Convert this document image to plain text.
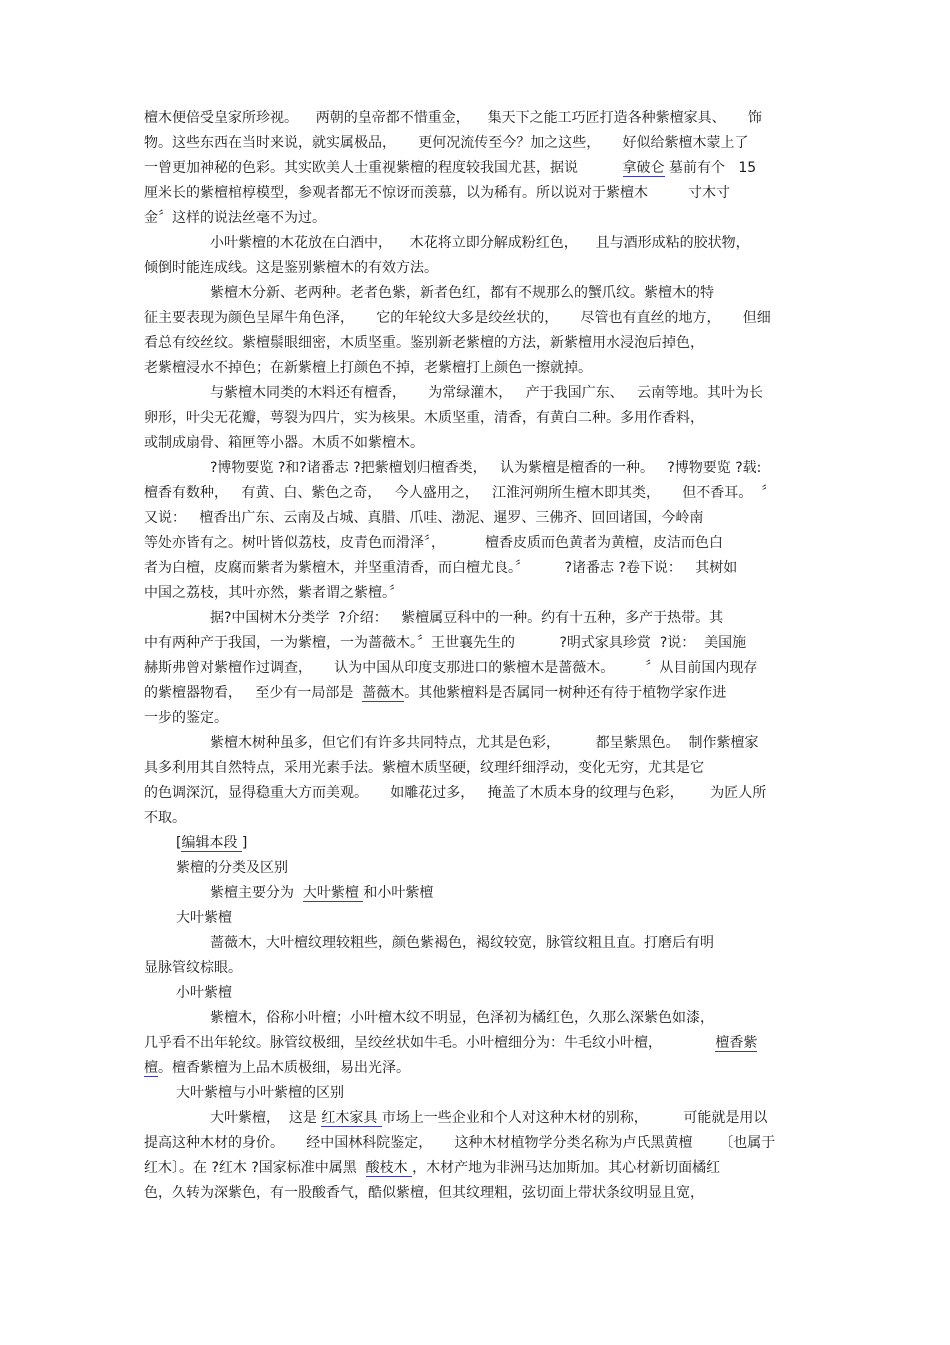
檀木便倍受皇家所珍视。    两朝的皇帝都不惜重金，    集天下之能工巧匠打造各种紫檀家具、     饰
物。这些东西在当时来说，就实属极品，     更何况流传至今？加之这些，     好似给紫檀木蒙上了
一曾更加神秘的色彩。其实欧美人士重视紫檀的程度较我国尤甚，据说          拿破仑 墓前有个   15
厘米长的紫檀棺椁模型，参观者都无不惊讶而羡慕，以为稀有。所以说对于紫檀木         寸木寸
金〞这样的说法丝毫不为过。
小叶紫檀的木花放在白酒中，    木花将立即分解成粉红色，    且与酒形成粘的胶状物，
倾倒时能连成线。这是鉴别紫檀木的有效方法。
紫檀木分新、老两种。老者色紫，新者色红，都有不规那么的蟹爪纹。紫檀木的特
征主要表现为颜色呈犀牛角色泽，     它的年轮纹大多是绞丝状的，     尽管也有直丝的地方，     但细
看总有绞丝纹。紫檀鬃眼细密，木质坚重。鉴别新老紫檀的方法，新紫檀用水浸泡后掉色，
老紫檀浸水不掉色；在新紫檀上打颜色不掉，老紫檀打上颜色一擦就掉。
与紫檀木同类的木料还有檀香，     为常绿灌木，   产于我国广东、   云南等地。其叶为长
卵形，叶尖无花瓣，萼裂为四片，实为核果。木质坚重，清香，有黄白二种。多用作香料，
或制成扇骨、箱匣等小器。木质不如紫檀木。
?博物要览 ?和?诸番志 ?把紫檀划归檀香类，   认为紫檀是檀香的一种。   ?博物要览 ?载:
檀香有数种，   有黄、白、紫色之奇，   今人盛用之，   江淮河朔所生檀木即其类，     但不香耳。  〞
又说：   檀香出广东、云南及占城、真腊、爪哇、渤泥、暹罗、三佛齐、回回诸国，今岭南
等处亦皆有之。树叶皆似荔枝，皮青色而滑泽〞，         檀香皮质而色黄者为黄檀，皮洁而色白
者为白檀，皮腐而紫者为紫檀木，并坚重清香，而白檀尤良。〞        ?诸番志 ?卷下说：   其树如
中国之荔枝，其叶亦然，紫者谓之紫檀。〞
据?中国树木分类学  ?介绍：   紫檀属豆科中的一种。约有十五种，多产于热带。其
中有两种产于我国，一为紫檀，一为蔷薇木。〞王世襄先生的          ?明式家具珍赏  ?说：  美国施
赫斯弗曾对紫檀作过调查，     认为中国从印度支那进口的紫檀木是蔷薇木。       〞从目前国内现存
的紫檀器物看，   至少有一局部是  蔷薇木。其他紫檀料是否属同一树种还有待于植物学家作进
一步的鉴定。
紫檀木树种虽多，但它们有许多共同特点，尤其是色彩，        都呈紫黑色。  制作紫檀家
具多利用其自然特点，采用光素手法。紫檀木质坚硬，纹理纤细浮动，变化无穷，尤其是它
的色调深沉，显得稳重大方而美观。     如雕花过多，   掩盖了木质本身的纹理与色彩，      为匠人所
不取。
[编辑本段 ]
紫檀的分类及区别
紫檀主要分为  大叶紫檀 和小叶紫檀
大叶紫檀
蔷薇木，大叶檀纹理较粗些，颜色紫褐色，褐纹较宽，脉管纹粗且直。打磨后有明
显脉管纹棕眼。
小叶紫檀
紫檀木，俗称小叶檀；小叶檀木纹不明显，色泽初为橘红色，久那么深紫色如漆，
几乎看不出年轮纹。脉管纹极细，呈绞丝状如牛毛。小叶檀细分为：牛毛纹小叶檀，            檀香紫
檀。檀香紫檀为上品木质极细，易出光泽。
大叶紫檀与小叶紫檀的区别
大叶紫檀，  这是 红木家具 市场上一些企业和个人对这种木材的别称，        可能就是用以
提高这种木材的身价。     经中国林科院鉴定，     这种木材植物学分类名称为卢氏黑黄檀      〔也属于
红木〕。在 ?红木 ?国家标准中属黑  酸枝木 ，木材产地为非洲马达加斯加。其心材新切面橘红
色，久转为深紫色，有一股酸香气，酷似紫檀，但其纹理粗，弦切面上带状条纹明显且宽，
